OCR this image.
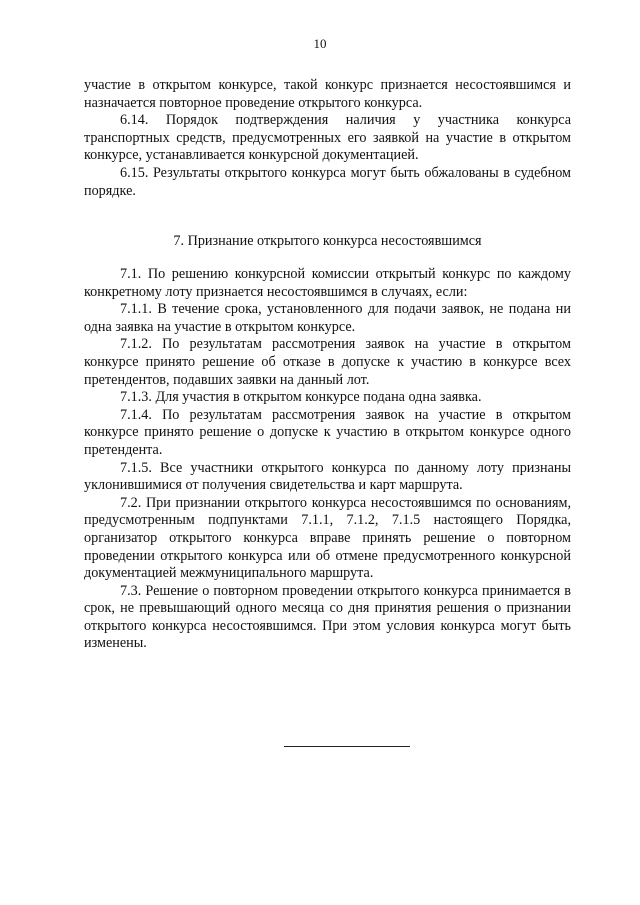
10

участие в открытом конкурсе, такой конкурс признается несостоявшимся и назначается повторное проведение открытого конкурса.

6.14. Порядок подтверждения наличия у участника конкурса транспортных средств, предусмотренных его заявкой на участие в открытом конкурсе, устанавливается конкурсной документацией.

6.15. Результаты открытого конкурса могут быть обжалованы в судебном порядке.

7. Признание открытого конкурса несостоявшимся

7.1. По решению конкурсной комиссии открытый конкурс по каждому конкретному лоту признается несостоявшимся в случаях, если:

7.1.1. В течение срока, установленного для подачи заявок, не подана ни одна заявка на участие в открытом конкурсе.

7.1.2. По результатам рассмотрения заявок на участие в открытом конкурсе принято решение об отказе в допуске к участию в конкурсе всех претендентов, подавших заявки на данный лот.

7.1.3. Для участия в открытом конкурсе подана одна заявка.

7.1.4. По результатам рассмотрения заявок на участие в открытом конкурсе принято решение о допуске к участию в открытом конкурсе одного претендента.

7.1.5. Все участники открытого конкурса по данному лоту признаны уклонившимися от получения свидетельства и карт маршрута.

7.2. При признании открытого конкурса несостоявшимся по основаниям, предусмотренным подпунктами 7.1.1, 7.1.2, 7.1.5 настоящего Порядка, организатор открытого конкурса вправе принять решение о повторном проведении открытого конкурса или об отмене предусмотренного конкурсной документацией межмуниципального маршрута.

7.3. Решение о повторном проведении открытого конкурса принимается в срок, не превышающий одного месяца со дня принятия решения о признании открытого конкурса несостоявшимся. При этом условия конкурса могут быть изменены.
